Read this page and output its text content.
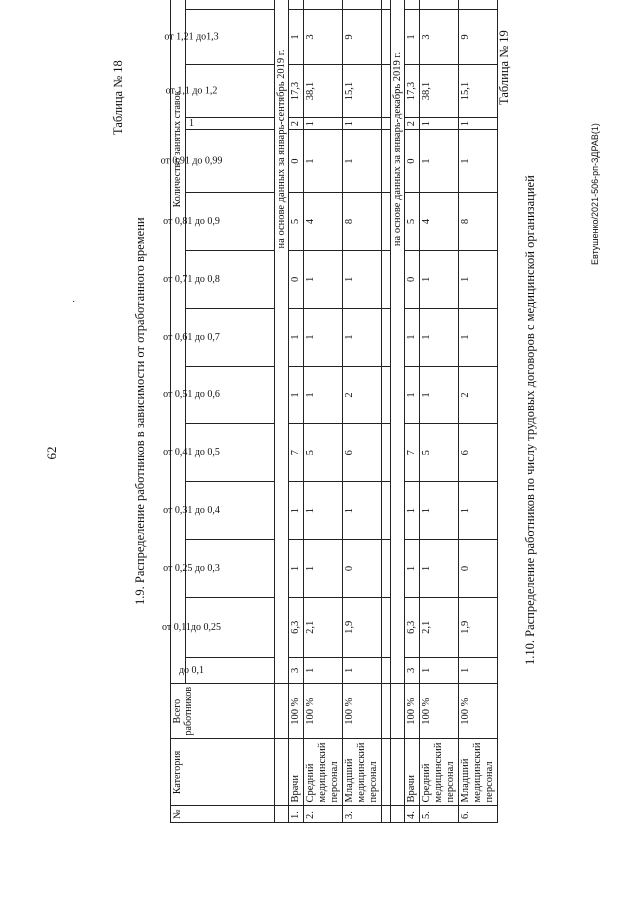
62
·
Таблица № 18
1.9. Распределение работников в зависимости от отработанного времени
№	Категория	Всего работников	Количество занятых ставок																				
			до 0,1	от 0,11до 0,25	от 0,25 до 0,3	от 0,31 до 0,4	от 0,41 до 0,5	от 0,51 до 0,6	от 0,61 до 0,7	от 0,71 до 0,8	от 0,81 до 0,9	от 0,91 до 0,99	1	от 1,1 до 1,2	от 1,21 до1,3							
			на основе данных за январь-сентябрь 2019 г.																				
1.	Врачи	100 %	3	6,3	1	1	7	1	1	0	5	0	2	17,3	1								
2.	Средний медицинский персонал	100 %	1	2,1	1	1	5	1	1	1	4	1	1	38,1	3								
3.	Младший медицинский персонал	100 %	1	1,9	0	1	6	2	1	1	8	1	1	15,1	9								

			на основе данных за январь-декабрь 2019 г.																				
4.	Врачи	100 %	3	6,3	1	1	7	1	1	0	5	0	2	17,3	1								
5.	Средний медицинский персонал	100 %	1	2,1	1	1	5	1	1	1	4	1	1	38,1	3								
6.	Младший медицинский персонал	100 %	1	1,9	0	1	6	2	1	1	8	1	1	15,1	9								Таблица № 19
1.10. Распределение работников по числу трудовых договоров с медицинской организацией	Евтушенко/2021-506-рп-ЗДРАВ(1)
